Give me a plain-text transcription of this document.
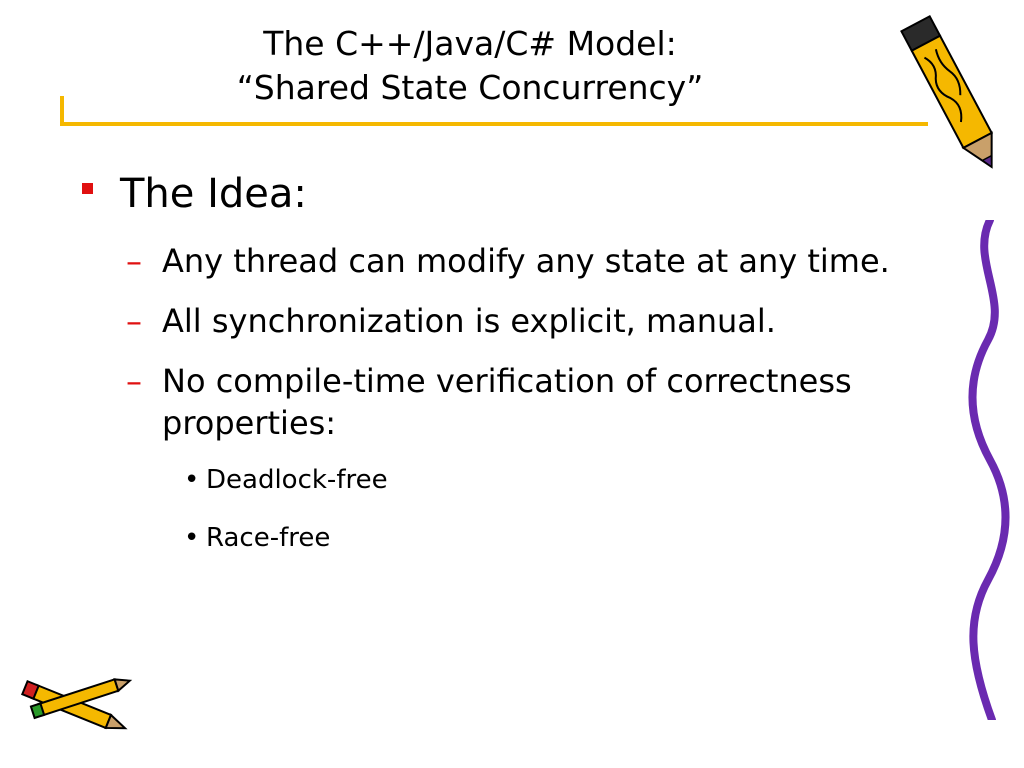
The C++/Java/C# Model:
“Shared State Concurrency”
The Idea:
– Any thread can modify any state at any time.
– All synchronization is explicit, manual.
– No compile-time verification of correctness properties:
• Deadlock-free
• Race-free
